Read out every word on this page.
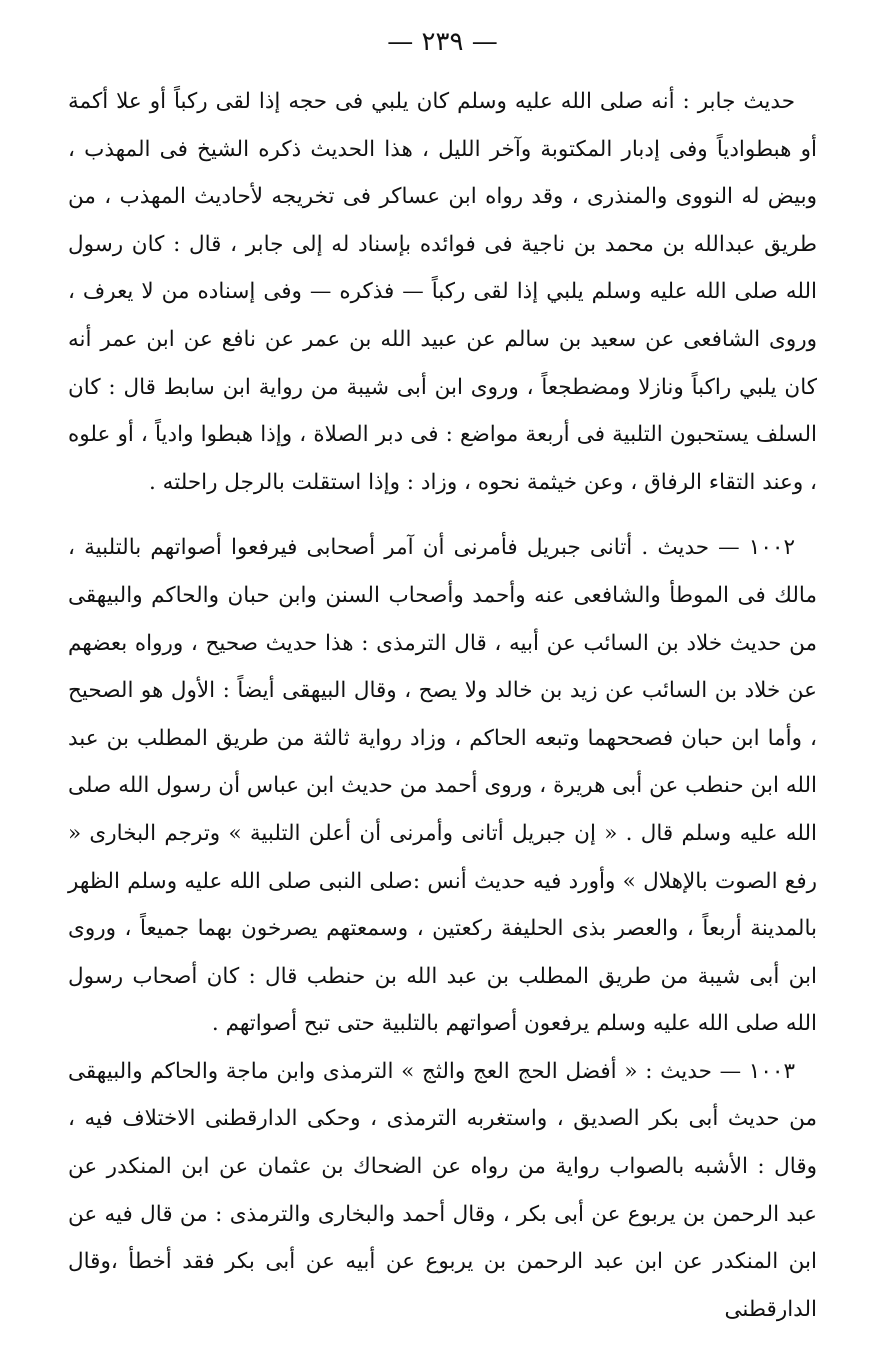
— ٢٣٩ —

حديث جابر : أنه صلى الله عليه وسلم كان يلبي فى حجه إذا لقى ركباً أو علا أكمة أو هبطوادياً وفى إدبار المكتوبة وآخر الليل ، هذا الحديث ذكره الشيخ فى المهذب ، وبيض له النووى والمنذرى ، وقد رواه ابن عساكر فى تخريجه لأحاديث المهذب ، من طريق عبدالله بن محمد بن ناجية فى فوائده بإسناد له إلى جابر ، قال : كان رسول الله صلى الله عليه وسلم يلبي إذا لقى ركباً — فذكره — وفى إسناده من لا يعرف ، وروى الشافعى عن سعيد بن سالم عن عبيد الله بن عمر عن نافع عن ابن عمر أنه كان يلبي راكباً ونازلا ومضطجعاً ، وروى ابن أبى شيبة من رواية ابن سابط قال : كان السلف يستحبون التلبية فى أربعة مواضع : فى دبر الصلاة ، وإذا هبطوا وادياً ، أو علوه ، وعند التقاء الرفاق ، وعن خيثمة نحوه ، وزاد : وإذا استقلت بالرجل راحلته .

١٠٠٢ — حديث . أتانى جبريل فأمرنى أن آمر أصحابى فيرفعوا أصواتهم بالتلبية ، مالك فى الموطأ والشافعى عنه وأحمد وأصحاب السنن وابن حبان والحاكم والبيهقى من حديث خلاد بن السائب عن أبيه ، قال الترمذى : هذا حديث صحيح ، ورواه بعضهم عن خلاد بن السائب عن زيد بن خالد ولا يصح ، وقال البيهقى أيضاً : الأول هو الصحيح ، وأما ابن حبان فصححهما وتبعه الحاكم ، وزاد رواية ثالثة من طريق المطلب بن عبد الله ابن حنطب عن أبى هريرة ، وروى أحمد من حديث ابن عباس أن رسول الله صلى الله عليه وسلم قال . « إن جبريل أتانى وأمرنى أن أعلن التلبية » وترجم البخارى « رفع الصوت بالإهلال » وأورد فيه حديث أنس :صلى النبى صلى الله عليه وسلم الظهر بالمدينة أربعاً ، والعصر بذى الحليفة ركعتين ، وسمعتهم يصرخون بهما جميعاً ، وروى ابن أبى شيبة من طريق المطلب بن عبد الله بن حنطب قال : كان أصحاب رسول الله صلى الله عليه وسلم يرفعون أصواتهم بالتلبية حتى تبح أصواتهم .

١٠٠٣ — حديث : « أفضل الحج العج والثج » الترمذى وابن ماجة والحاكم والبيهقى من حديث أبى بكر الصديق ، واستغربه الترمذى ، وحكى الدارقطنى الاختلاف فيه ، وقال : الأشبه بالصواب رواية من رواه عن الضحاك بن عثمان عن ابن المنكدر عن عبد الرحمن بن يربوع عن أبى بكر ، وقال أحمد والبخارى والترمذى : من قال فيه عن ابن المنكدر عن ابن عبد الرحمن بن يربوع عن أبيه عن أبى بكر فقد أخطأ ،وقال الدارقطنى
